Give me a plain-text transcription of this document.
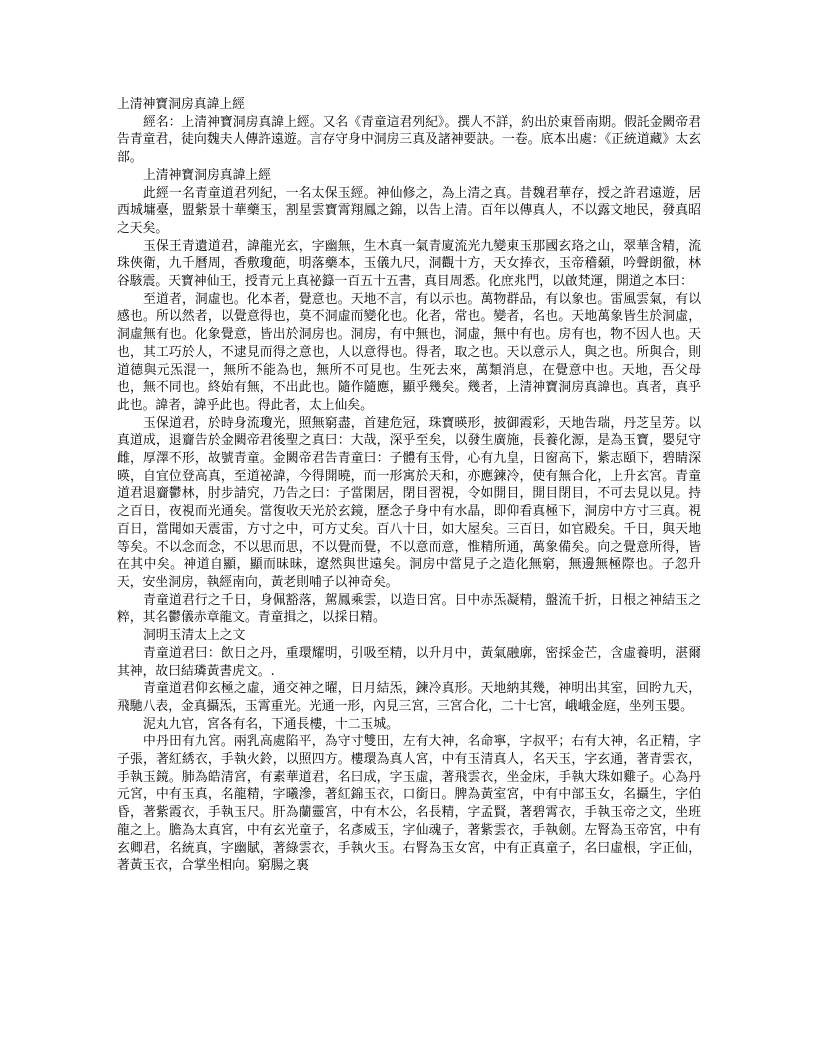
上清神寶洞房真諱上經

經名：上清神寶洞房真諱上經。又名《青童這君列紀》。撰人不詳，約出於東晉南期。假託金闕帝君告青童君，徒向魏夫人傳許遠遊。言存守身中洞房三真及諸神要訣。一卷。底本出處：《正統道藏》太玄部。

上清神寶洞房真諱上經

此經一名青童道君列紀，一名太保玉經。神仙修之，為上清之真。昔魏君華存，授之許君遠遊，居西城墉臺，盟紫景十華藥玉，割星雲寶霄翔鳳之錦，以告上清。百年以傳真人，不以露文地民，發真昭之天矣。

玉保王青遺道君，諱龍光玄，字幽無，生木真一氣青廈流光九變東玉那國玄珞之山，翠華含精，流珠俠衛，九千曆周，香敷瓊葩，明落藥本，玉儀九尺，洞觀十方，天女捧衣，玉帝稽顙，吟聲朗徹，林谷駭震。天寶神仙王，授青元上真祕籙一百五十五書，真目周悉。化庶兆門，以啟梵運，開道之本曰：

至道者，洞虛也。化本者，覺意也。天地不言，有以示也。萬物群品，有以象也。雷風雲氣，有以感也。所以然者，以覺意得也，莫不洞虛而變化也。化者，常也。變者，名也。天地萬象皆生於洞虛，洞虛無有也。化象覺意，皆出於洞房也。洞房，有中無也，洞虛，無中有也。房有也，物不因人也。天也，其工巧於人，不逮見而得之意也，人以意得也。得者，取之也。天以意示人，與之也。所與合，則道德與元炁混一，無所不能為也，無所不可見也。生死去來，萬類消息，在覺意中也。天地，吾父母也，無不同也。終始有無，不出此也。隨作隨應，顯乎幾矣。幾者，上清神寶洞房真諱也。真者，真乎此也。諱者，諱乎此也。得此者，太上仙矣。

玉保道君，於時身流瓊光，照無窮盡，首建危冠，珠寶暎形，披御霞彩，天地告瑞，丹芝呈芳。以真道成，退齎告於金闕帝君後聖之真曰：大哉，深乎至矣，以發生廣施，長養化源，是為玉寶，嬰兒守雌，厚澤不形，故號青童。金闕帝君告青童曰：子體有玉骨，心有九皇，日窗高下，紫志頤下，碧睛深暎，自宜位登高真，至道祕諱，今得開曉，而一形寓於天和，亦應鍊冷，使有無合化，上升玄宮。青童道君退齎鬱林，肘步請究，乃告之曰：子當閑居，閉目習視，令如開目，開目閉目，不可去見以見。持之百日，夜視而光通矣。當復收天光於玄鏡，歷念子身中有水晶，即仰看真極下，洞房中方寸三真。視百日，當聞如天震雷，方寸之中，可方丈矣。百八十日，如大屋矣。三百日，如官殿矣。千日，與天地等矣。不以念而念，不以思而思，不以覺而覺，不以意而意，惟精所通，萬象備矣。向之覺意所得，皆在其中矣。神道自顯，顯而昧昧，遼然與世遠矣。洞房中當見子之造化無窮，無邊無極際也。子忽升天，安坐洞房，執經南向，黃老則哺子以神奇矣。

青童道君行之千日，身佩豁落，駕鳳乘雲，以造日宮。日中赤炁凝精，盤流千折，日根之神結玉之粹，其名鬱儀赤章龍文。青童揖之，以採日精。

洞明玉清太上之文

青童道君曰：飲日之丹，重環耀明，引吸至精，以升月中，黃氣融廓，密採金芒，含虛養明，湛爾其神，故曰結璘黃書虎文。.

青童道君仰玄極之虛，通交神之曜，日月結炁，鍊冷真形。天地納其幾，神明出其室，回盻九天，飛馳八表，金真攝炁，玉霄重光。光通一形，內見三宮，三宮合化，二十七宮，峨峨金庭，坐列玉嬰。

泥丸九官，宮各有名，下通長樓，十二玉城。

中丹田有九宮。兩乳高處陷平，為守寸雙田，左有大神，名命寧，字叔平；右有大神，名正精，字子張，著紅綉衣，手執火鈴，以照四方。樓環為真人宮，中有玉清真人，名天玉，字玄通，著青雲衣，手執玉鏡。肺為皓清宮，有素華道君，名曰成，字玉虛，著飛雲衣，坐金床，手執大珠如雞子。心為丹元宮，中有玉真，名龍精，字曦滲，著紅錦玉衣，口銜日。脾為黃室宮，中有中部玉女，名攝生，字伯昏，著紫霞衣，手執玉尺。肝為蘭靈宮，中有木公，名長精，字孟賢，著碧霄衣，手執玉帝之文，坐班龍之上。膽為太真宮，中有玄光童子，名彥威玉，字仙魂子，著紫雲衣，手執劍。左腎為玉帝宮，中有玄卿君，名統真，字幽賦，著綠雲衣，手執火玉。右腎為玉女宮，中有正真童子，名曰虛根，字正仙，著黃玉衣，合掌坐相向。窮腸之裏
